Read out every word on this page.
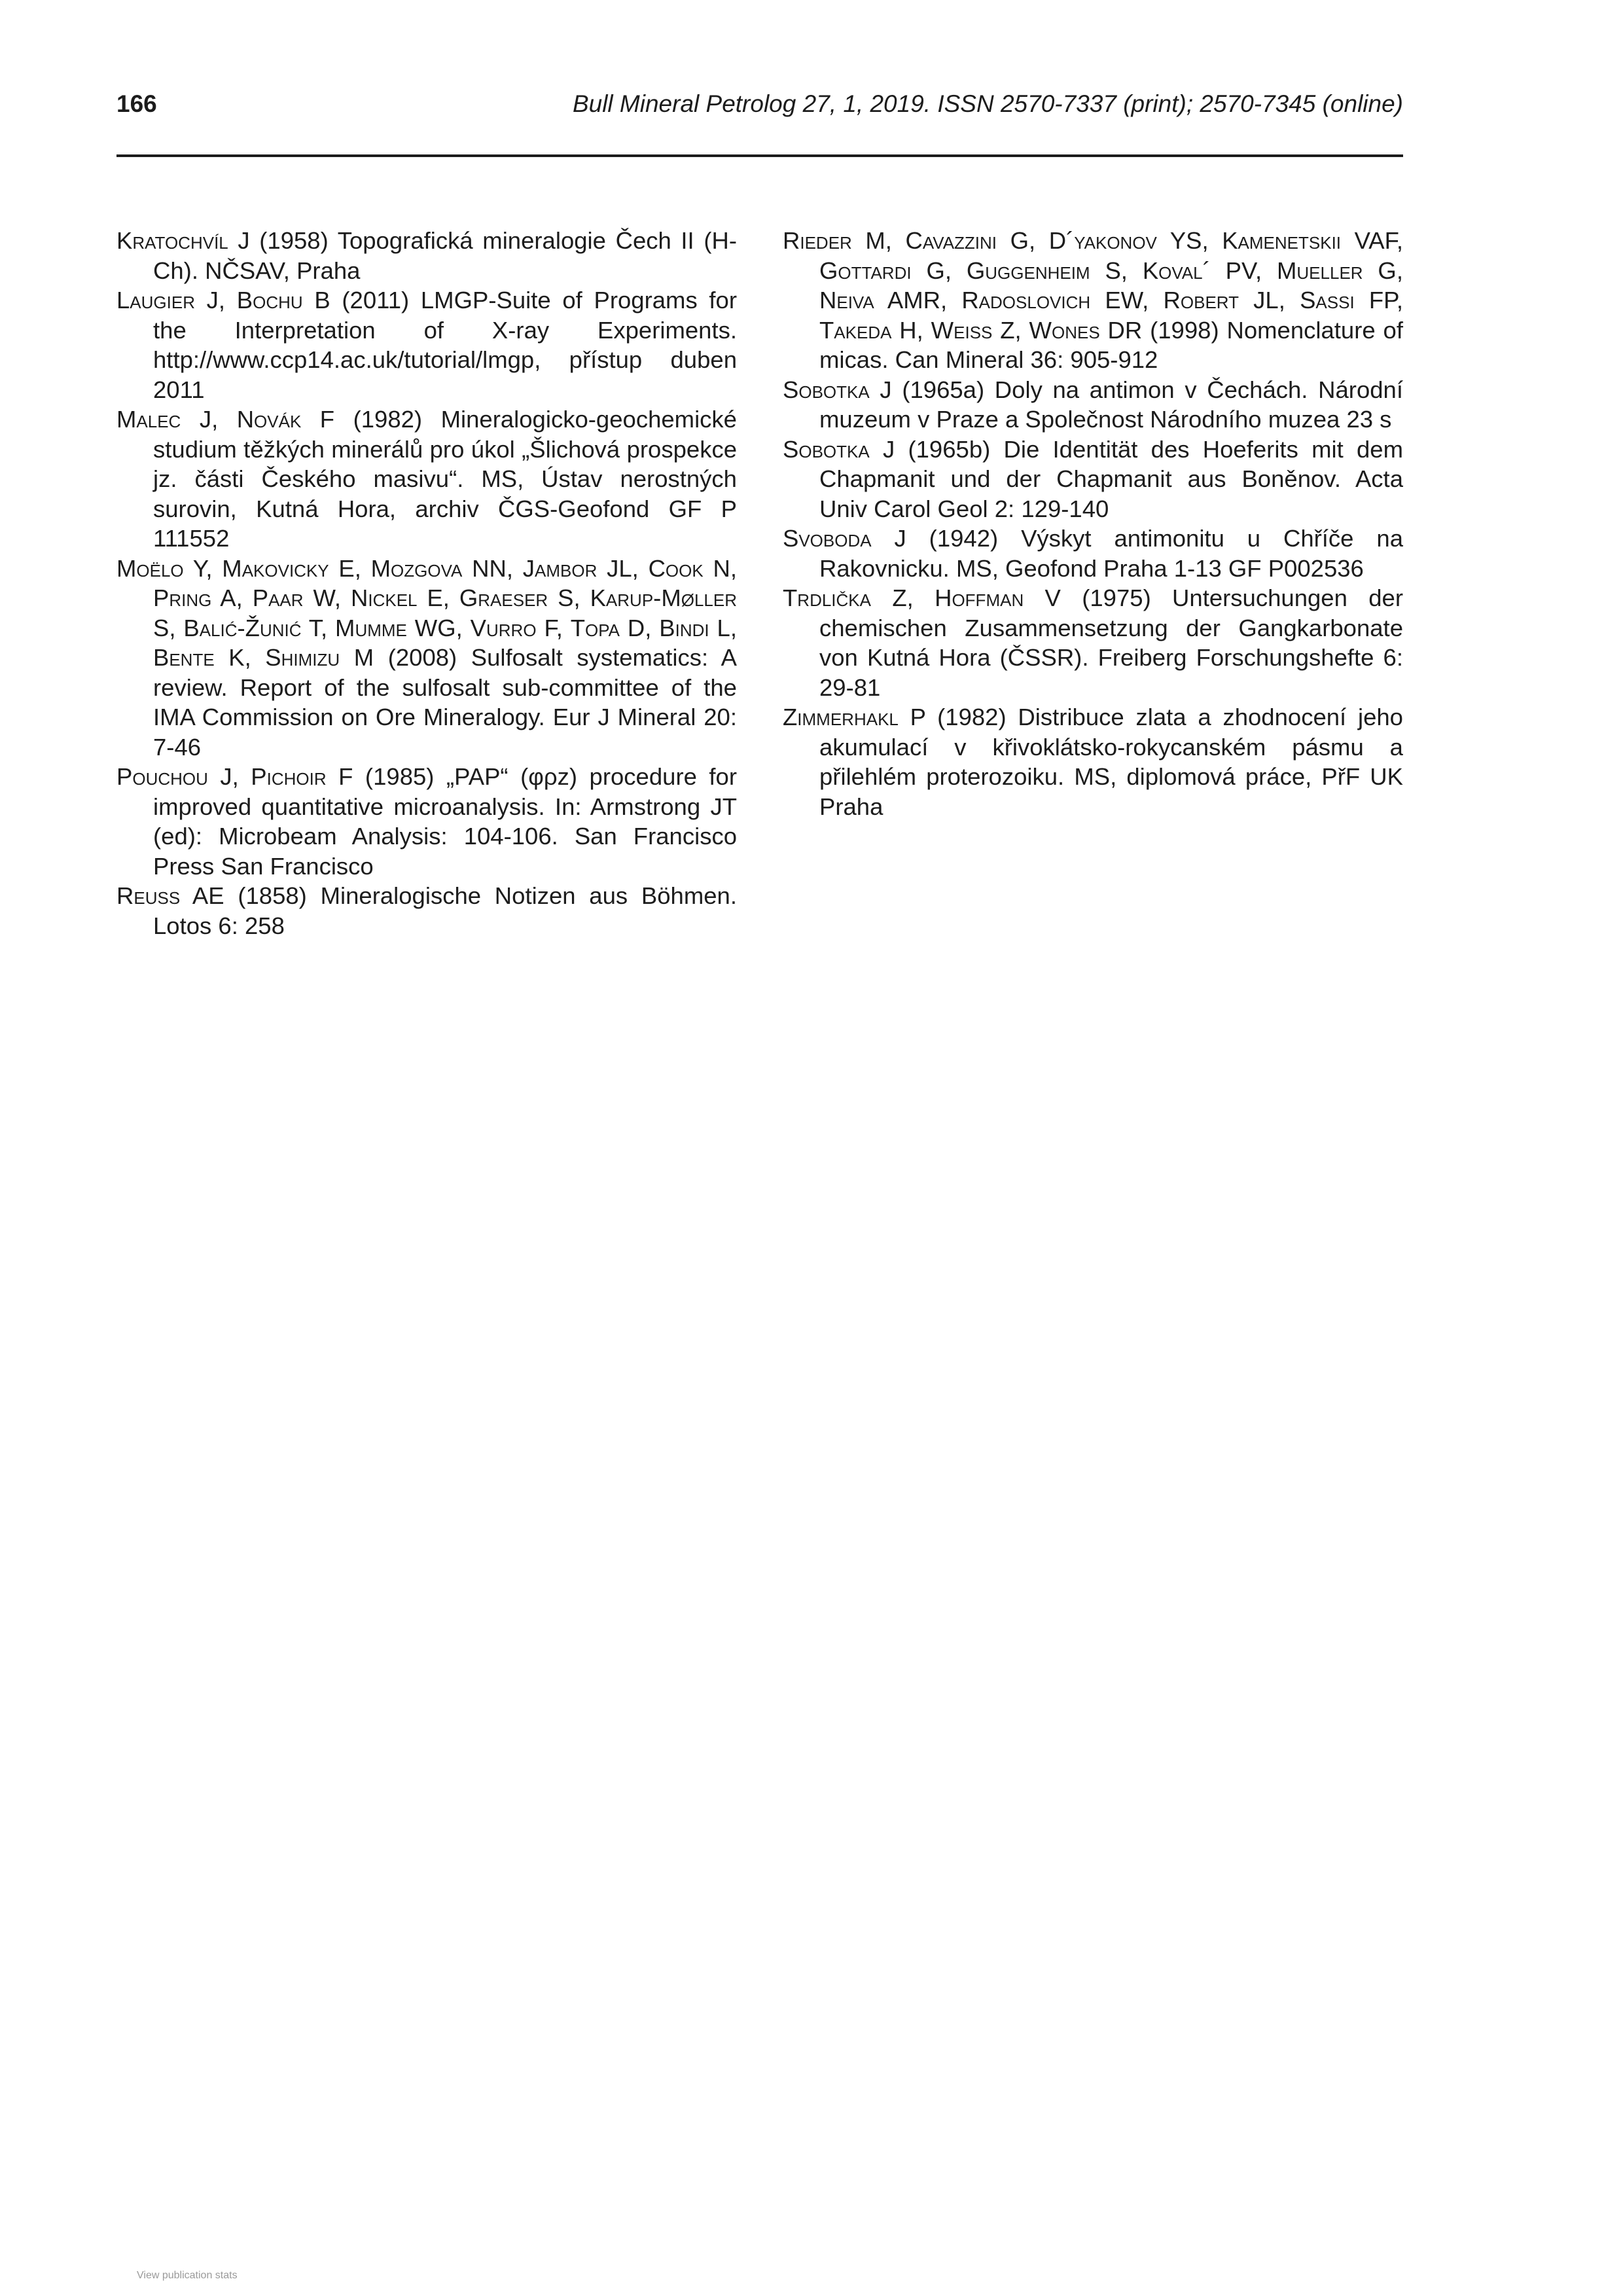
166	Bull Mineral Petrolog 27, 1, 2019. ISSN 2570-7337 (print); 2570-7345 (online)

Kratochvíl J (1958) Topografická mineralogie Čech II (H-Ch). NČSAV, Praha

Laugier J, Bochu B (2011) LMGP-Suite of Programs for the Interpretation of X-ray Experiments. http://www.ccp14.ac.uk/tutorial/lmgp, přístup duben 2011

Malec J, Novák F (1982) Mineralogicko-geochemické studium těžkých minerálů pro úkol „Šlichová prospekce jz. části Českého masivu“. MS, Ústav nerostných surovin, Kutná Hora, archiv ČGS-Geofond GF P 111552

Moëlo Y, Makovicky E, Mozgova NN, Jambor JL, Cook N, Pring A, Paar W, Nickel E, Graeser S, Karup-Møller S, Balić-Žunić T, Mumme WG, Vurro F, Topa D, Bindi L, Bente K, Shimizu M (2008) Sulfosalt systematics: A review. Report of the sulfosalt sub-committee of the IMA Commission on Ore Mineralogy. Eur J Mineral 20: 7-46

Pouchou J, Pichoir F (1985) „PAP“ (φρz) procedure for improved quantitative microanalysis. In: Armstrong JT (ed): Microbeam Analysis: 104-106. San Francisco Press San Francisco

Reuss AE (1858) Mineralogische Notizen aus Böhmen. Lotos 6: 258

Rieder M, Cavazzini G, D´yakonov YS, Kamenetskii VAF, Gottardi G, Guggenheim S, Koval´ PV, Mueller G, Neiva AMR, Radoslovich EW, Robert JL, Sassi FP, Takeda H, Weiss Z, Wones DR (1998) Nomenclature of micas. Can Mineral 36: 905-912

Sobotka J (1965a) Doly na antimon v Čechách. Národní muzeum v Praze a Společnost Národního muzea 23 s

Sobotka J (1965b) Die Identität des Hoeferits mit dem Chapmanit und der Chapmanit aus Boněnov. Acta Univ Carol Geol 2: 129-140

Svoboda J (1942) Výskyt antimonitu u Chříče na Rakovnicku. MS, Geofond Praha 1-13 GF P002536

Trdlička Z, Hoffman V (1975) Untersuchungen der chemischen Zusammensetzung der Gangkarbonate von Kutná Hora (ČSSR). Freiberg Forschungshefte 6: 29-81

Zimmerhakl P (1982) Distribuce zlata a zhodnocení jeho akumulací v křivoklátsko-rokycanském pásmu a přilehlém proterozoiku. MS, diplomová práce, PřF UK Praha

View publication stats
